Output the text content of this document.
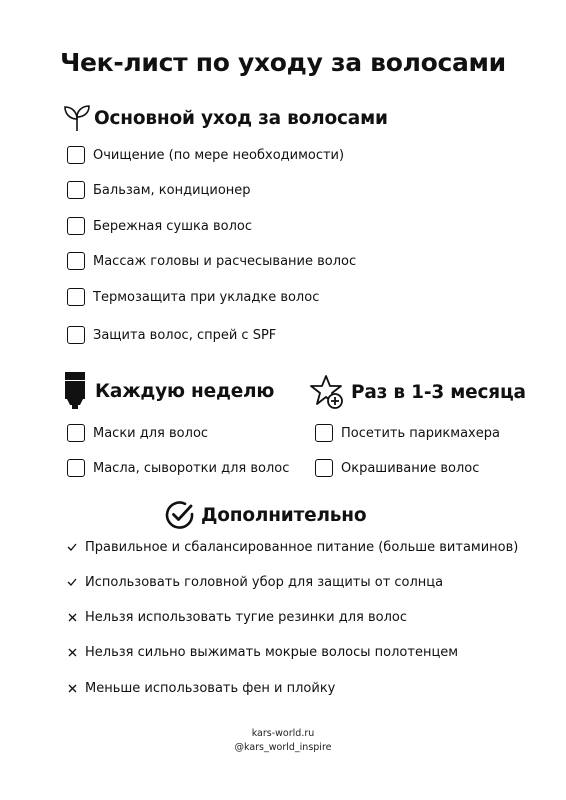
Чек-лист по уходу за волосами
Основной уход за волосами
Очищение (по мере необходимости)
Бальзам, кондиционер
Бережная сушка волос
Массаж головы и расчесывание волос
Термозащита при укладке волос
Защита волос, спрей с SPF
Каждую неделю
Маски для волос
Масла, сыворотки для волос
Раз в 1-3 месяца
Посетить парикмахера
Окрашивание волос
Дополнительно
Правильное и сбалансированное питание (больше витаминов)
Использовать головной убор для защиты от солнца
Нельзя использовать тугие резинки для волос
Нельзя сильно выжимать мокрые волосы полотенцем
Меньше использовать фен и плойку
kars-world.ru
@kars_world_inspire
